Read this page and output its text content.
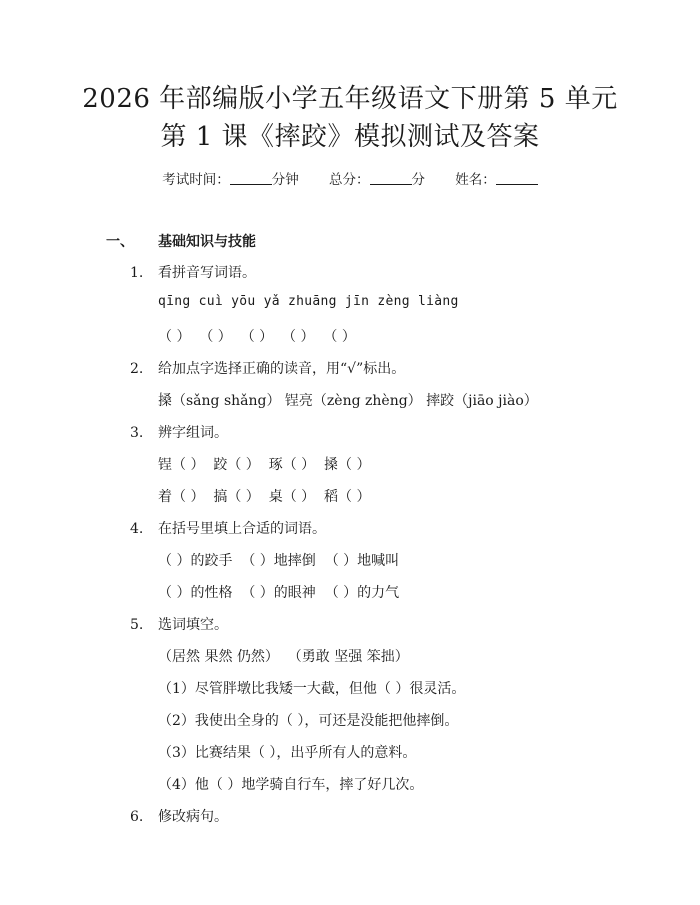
2026 年部编版小学五年级语文下册第 5 单元
第 1 课《摔跤》模拟测试及答案
考试时间：	分钟 总分：	分 姓名：
一、 基础知识与技能
1. 看拼音写词语。
qīng cuì yōu yǎ zhuāng jīn zèng liàng
（ ）  （ ）  （ ）  （ ）  （ ）
2. 给加点字选择正确的读音，用“√”标出。
搡（sǎng shǎng） 锃亮（zèng zhèng） 摔跤（jiāo jiào）
3. 辨字组词。
锃（ ）  跤（ ）  琢（ ）  搡（ ）
着（ ）  搞（ ）  桌（ ）  稻（ ）
4. 在括号里填上合适的词语。
（ ）的跤手  （ ）地摔倒  （ ）地喊叫
（ ）的性格  （ ）的眼神  （ ）的力气
5. 选词填空。
（居然 果然 仍然）  （勇敢 坚强 笨拙）
（1）尽管胖墩比我矮一大截，但他（ ）很灵活。
（2）我使出全身的（ ），可还是没能把他摔倒。
（3）比赛结果（ ），出乎所有人的意料。
（4）他（ ）地学骑自行车，摔了好几次。
6. 修改病句。
